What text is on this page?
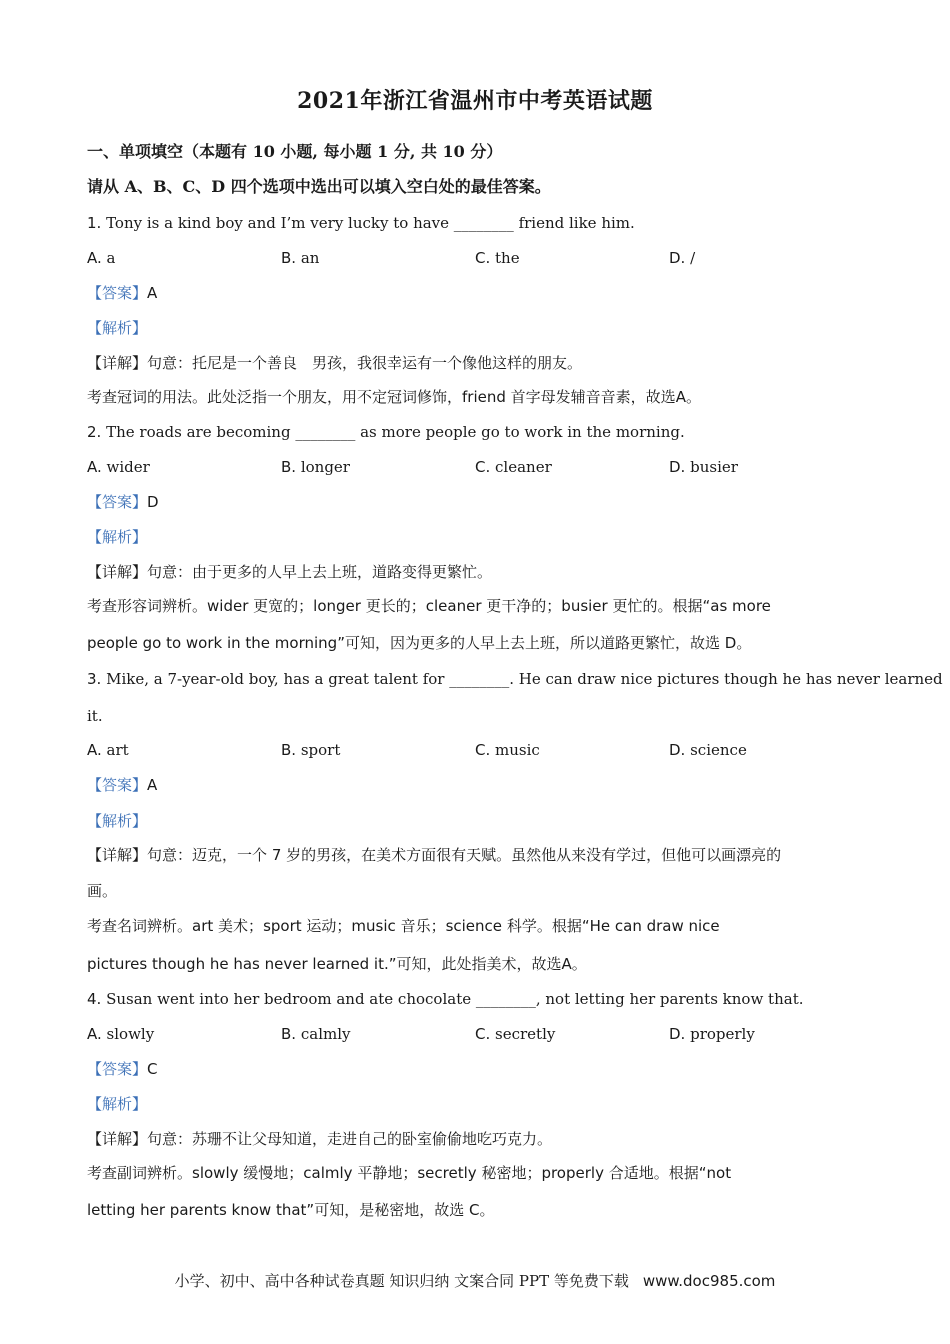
2021年浙江省温州市中考英语试题
一、单项填空（本题有 10 小题, 每小题 1 分, 共 10 分）
请从 A、B、C、D 四个选项中选出可以填入空白处的最佳答案。
1. Tony is a kind boy and I’m very lucky to have ________ friend like him.
A. a	B. an	C. the	D. /
【答案】A
【解析】
【详解】句意：托尼是一个善良　男孩，我很幸运有一个像他这样的朋友。
考查冠词的用法。此处泛指一个朋友，用不定冠词修饰，friend 首字母发辅音音素，故选A。
2. The roads are becoming ________ as more people go to work in the morning.
A. wider	B. longer	C. cleaner	D. busier
【答案】D
【解析】
【详解】句意：由于更多的人早上去上班，道路变得更繁忙。
考查形容词辨析。wider 更宽的；longer 更长的；cleaner 更干净的；busier 更忙的。根据“as more
people go to work in the morning”可知，因为更多的人早上去上班，所以道路更繁忙，故选 D。
3. Mike, a 7-year-old boy, has a great talent for ________. He can draw nice pictures though he has never learned
it.
A. art	B. sport	C. music	D. science
【答案】A
【解析】
【详解】句意：迈克，一个 7 岁的男孩，在美术方面很有天赋。虽然他从来没有学过，但他可以画漂亮的
画。
考查名词辨析。art 美术；sport 运动；music 音乐；science 科学。根据“He can draw nice
pictures though he has never learned it.”可知，此处指美术，故选A。
4. Susan went into her bedroom and ate chocolate ________, not letting her parents know that.
A. slowly	B. calmly	C. secretly	D. properly
【答案】C
【解析】
【详解】句意：苏珊不让父母知道，走进自己的卧室偷偷地吃巧克力。
考查副词辨析。slowly 缓慢地；calmly 平静地；secretly 秘密地；properly 合适地。根据“not
letting her parents know that”可知，是秘密地，故选 C。
小学、初中、高中各种试卷真题 知识归纳 文案合同 PPT 等免费下载 www.doc985.com
